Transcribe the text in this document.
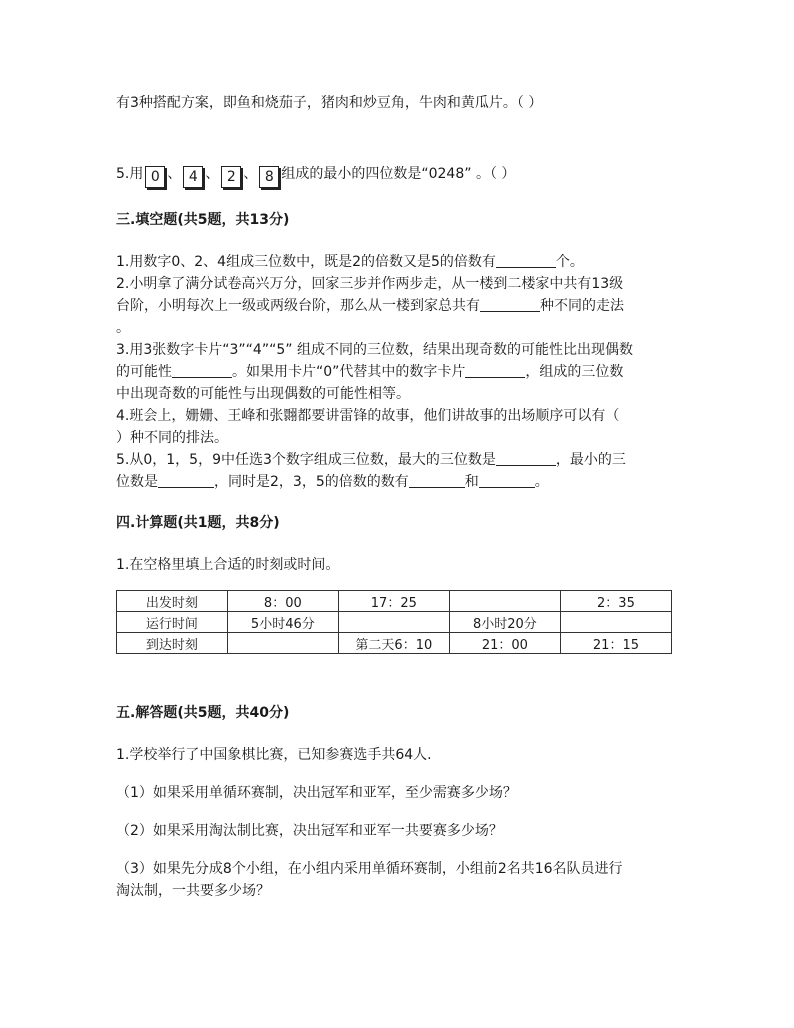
有3种搭配方案，即鱼和烧茄子，猪肉和炒豆角，牛肉和黄瓜片。（ ）
5.用 0 、 4 、 2 、 8 组成的最小的四位数是“0248” 。（ ）
三.填空题(共5题，共13分)
1.用数字0、2、4组成三位数中，既是2的倍数又是5的倍数有	个。
2.小明拿了满分试卷高兴万分，回家三步并作两步走，从一楼到二楼家中共有13级
台阶，小明每次上一级或两级台阶，那么从一楼到家总共有	种不同的走法
。
3.用3张数字卡片“3”“4”“5” 组成不同的三位数，结果出现奇数的可能性比出现偶数
的可能性	。如果用卡片“0”代替其中的数字卡片	，组成的三位数
中出现奇数的可能性与出现偶数的可能性相等。
4.班会上，姗姗、王峰和张翾都要讲雷锋的故事，他们讲故事的出场顺序可以有（
）种不同的排法。
5.从0，1，5，9中任选3个数字组成三位数，最大的三位数是	，最小的三
位数是	，同时是2，3，5的倍数的数有	和	。
四.计算题(共1题，共8分)
1.在空格里填上合适的时刻或时间。
出发时刻	8：00	17：25		2：35
运行时间	5小时46分		8小时20分	
到达时刻		第二天6：10	21：00	21：15
五.解答题(共5题，共40分)
1.学校举行了中国象棋比赛，已知参赛选手共64人.
（1）如果采用单循环赛制，决出冠军和亚军，至少需赛多少场？
（2）如果采用淘汰制比赛，决出冠军和亚军一共要赛多少场？
（3）如果先分成8个小组，在小组内采用单循环赛制，小组前2名共16名队员进行
淘汰制，一共要多少场？
